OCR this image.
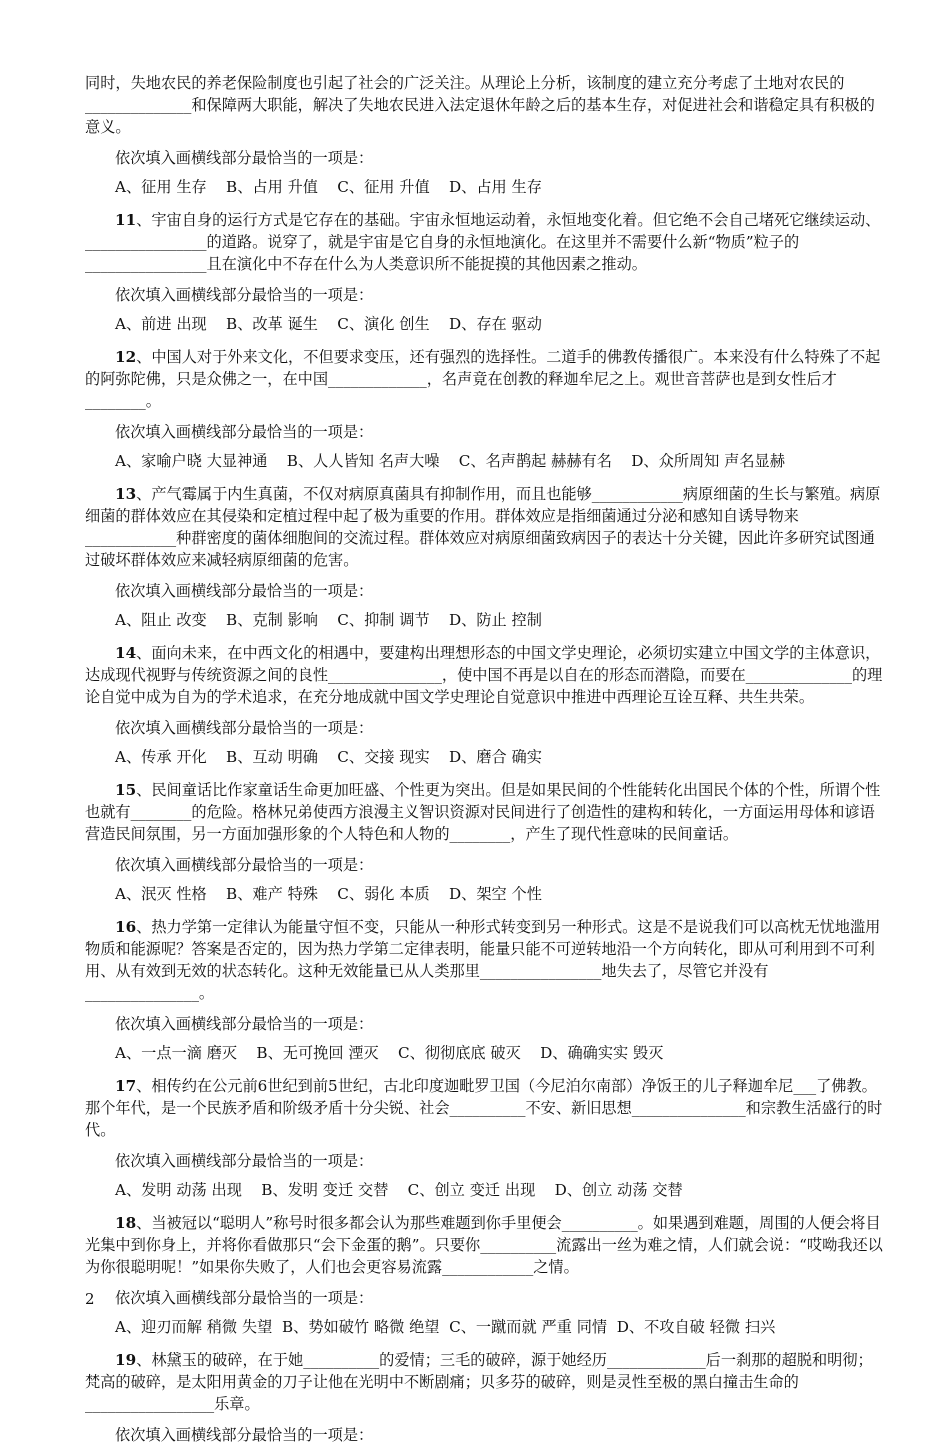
同时，失地农民的养老保险制度也引起了社会的广泛关注。从理论上分析，该制度的建立充分考虑了土地对农民的______________和保障两大职能，解决了失地农民进入法定退休年龄之后的基本生存，对促进社会和谐稳定具有积极的意义。

依次填入画横线部分最恰当的一项是：

A、征用 生存    B、占用 升值    C、征用 升值    D、占用 生存

11、宇宙自身的运行方式是它存在的基础。宇宙永恒地运动着，永恒地变化着。但它绝不会自己堵死它继续运动、________________的道路。说穿了，就是宇宙是它自身的永恒地演化。在这里并不需要什么新“物质”粒子的________________且在演化中不存在什么为人类意识所不能捉摸的其他因素之推动。

依次填入画横线部分最恰当的一项是：

A、前进 出现    B、改革 诞生    C、演化 创生    D、存在 驱动

12、中国人对于外来文化，不但要求变压，还有强烈的选择性。二道手的佛教传播很广。本来没有什么特殊了不起的阿弥陀佛，只是众佛之一，在中国_____________，名声竟在创教的释迦牟尼之上。观世音菩萨也是到女性后才________。

依次填入画横线部分最恰当的一项是：

A、家喻户晓 大显神通    B、人人皆知 名声大噪    C、名声鹊起 赫赫有名    D、众所周知 声名显赫

13、产气霉属于内生真菌，不仅对病原真菌具有抑制作用，而且也能够____________病原细菌的生长与繁殖。病原细菌的群体效应在其侵染和定植过程中起了极为重要的作用。群体效应是指细菌通过分泌和感知自诱导物来____________种群密度的菌体细胞间的交流过程。群体效应对病原细菌致病因子的表达十分关键，因此许多研究试图通过破坏群体效应来减轻病原细菌的危害。

依次填入画横线部分最恰当的一项是：

A、阻止 改变    B、克制 影响    C、抑制 调节    D、防止 控制

14、面向未来，在中西文化的相遇中，要建构出理想形态的中国文学史理论，必须切实建立中国文学的主体意识，达成现代视野与传统资源之间的良性_______________，使中国不再是以自在的形态而潜隐，而要在______________的理论自觉中成为自为的学术追求，在充分地成就中国文学史理论自觉意识中推进中西理论互诠互释、共生共荣。

依次填入画横线部分最恰当的一项是：

A、传承 开化    B、互动 明确    C、交接 现实    D、磨合 确实

15、民间童话比作家童话生命更加旺盛、个性更为突出。但是如果民间的个性能转化出国民个体的个性，所谓个性也就有________的危险。格林兄弟使西方浪漫主义智识资源对民间进行了创造性的建构和转化，一方面运用母体和谚语营造民间氛围，另一方面加强形象的个人特色和人物的________，产生了现代性意味的民间童话。

依次填入画横线部分最恰当的一项是：

A、泯灭 性格    B、难产 特殊    C、弱化 本质    D、架空 个性

16、热力学第一定律认为能量守恒不变，只能从一种形式转变到另一种形式。这是不是说我们可以高枕无忧地滥用物质和能源呢？答案是否定的，因为热力学第二定律表明，能量只能不可逆转地沿一个方向转化，即从可利用到不可利用、从有效到无效的状态转化。这种无效能量已从人类那里________________地失去了，尽管它并没有_______________。

依次填入画横线部分最恰当的一项是：

A、一点一滴 磨灭    B、无可挽回 湮灭    C、彻彻底底 破灭    D、确确实实 毁灭

17、相传约在公元前6世纪到前5世纪，古北印度迦毗罗卫国（今尼泊尔南部）净饭王的儿子释迦牟尼___了佛教。那个年代，是一个民族矛盾和阶级矛盾十分尖锐、社会__________不安、新旧思想_______________和宗教生活盛行的时代。

依次填入画横线部分最恰当的一项是：

A、发明 动荡 出现    B、发明 变迁 交替    C、创立 变迁 出现    D、创立 动荡 交替

18、当被冠以“聪明人”称号时很多都会认为那些难题到你手里便会__________。如果遇到难题，周围的人便会将目光集中到你身上，并将你看做那只“会下金蛋的鹅”。只要你__________流露出一丝为难之情，人们就会说：“哎呦我还以为你很聪明呢！”如果你失败了，人们也会更容易流露____________之情。

依次填入画横线部分最恰当的一项是：

A、迎刃而解 稍微 失望  B、势如破竹 略微 绝望  C、一蹴而就 严重 同情  D、不攻自破 轻微 扫兴

19、林黛玉的破碎，在于她__________的爱情；三毛的破碎，源于她经历_____________后一刹那的超脱和明彻；梵高的破碎，是太阳用黄金的刀子让他在光明中不断剧痛；贝多芬的破碎，则是灵性至极的黑白撞击生命的_________________乐章。

依次填入画横线部分最恰当的一项是：

2
